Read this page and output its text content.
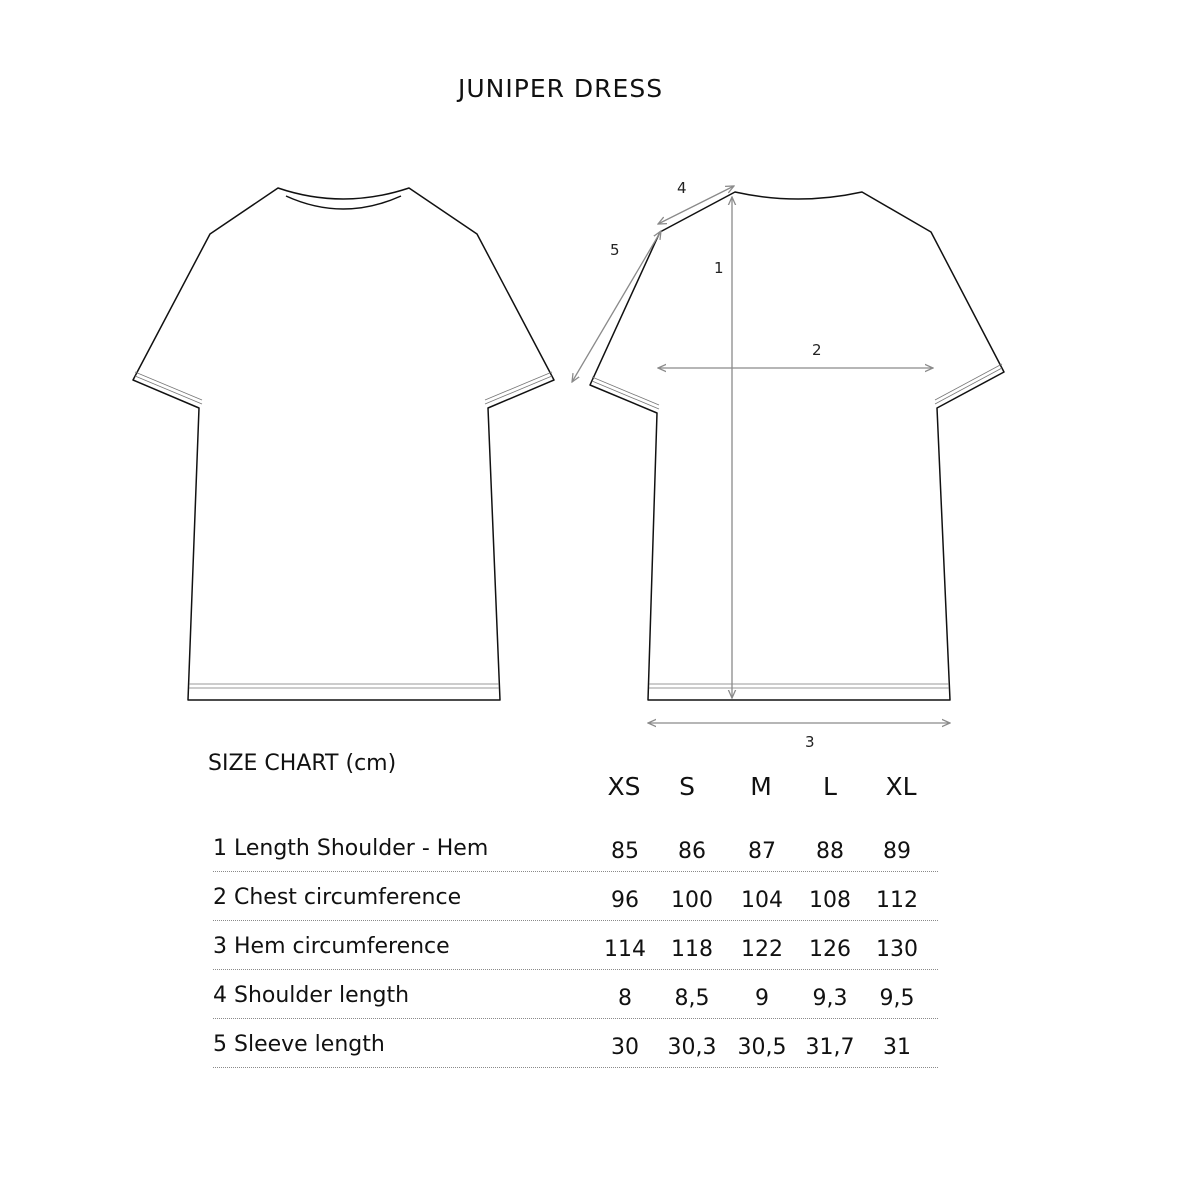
JUNIPER DRESS
1
2
3
4
5
SIZE CHART (cm)
XS	S	M	L	XL
1 Length Shoulder - Hem	85	86	87	88	89
2 Chest circumference	96	100	104	108	112
3 Hem circumference	114	118	122	126	130
4 Shoulder length	8	8,5	9	9,3	9,5
5 Sleeve length	30	30,3 30,5 31,7	31
